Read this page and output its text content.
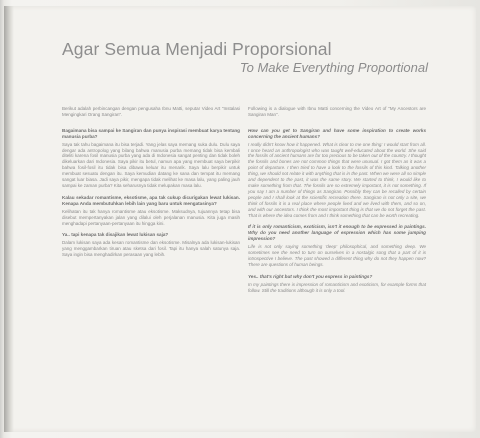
Agar Semua Menjadi Proporsional
To Make Everything Proportional

Berikut adalah perbincangan dengan pengusaha Ibnu Matti, seputar Video Art "Instalasi Mengingkari Orang Sangiran".

Bagaimana bisa sampai ke Sangiran dan punya inspirasi membuat karya tentang manusia purba?

Saya tak tahu bagaimana itu bisa terjadi. Yang jelas saya memang suka dulu. Dulu saya dengar ada antropolog yang bilang bahwa manusia purba memang tidak bisa kembali diteliti karena fosil manusia purba yang ada di Indonesia sangat penting dan tidak boleh dikeluarkan dari Indonesia. Saya pikir itu betul, namun apa yang membuat saya berpikir bahwa fosil-fosil itu tidak bisa dibawa keluar itu menarik. Saya lalu berpikir untuk membuat sesuatu dengan itu. Saya kemudian datang ke sana dan tempat itu memang sangat luar biasa. Jadi saya pikir, mengapa tidak melihat ke masa lalu, yang paling jauh sampai ke zaman purba? Kita seharusnya tidak melupakan masa lalu.

Kalau sekadar romantisme, eksotisme, apa tak cukup dicurigakan lewat lukisan. Kenapa Anda membutuhkan lebih lain yang baru untuk mengatasinya?

Kelihatan itu tak hanya romantisme atau eksotisme. Maksudnya, tujuannya tetap bisa disebut mempertanyakan jalan yang dilalui oleh perjalanan manusia. Kita juga masih menghadapi pertanyaan-pertanyaan itu hingga kini.

Ya.. tapi kenapa tak disajikan lewat lukisan saja?

Dalam lukisan saya ada kesan romantisme dan eksotisme. Misalnya ada lukisan-lukisan yang menggambarkan tiruan atau sketsa dari fosil. Tapi itu hanya salah satunya saja. Saya ingin bisa menghadirkan perasaan yang lebih.

Following is a dialogue with Ibnu Matti concerning the Video Art of "My Ancestors are Sangiran Man".

How can you get to Sangiran and have some inspiration to create works concerning the ancient humans?

I really didn't know how it happened. What is clear to me one thing: I would start from all. I once heard an anthropologist who was taught well-educated about the world. She said the fossils of ancient humans are far too precious to be taken out of the country. I thought the fossils and bones are not common things that were unusual. I got them as it was a point of departure. I then tried to have a look to the fossils of this kind. Talking another thing, we should not relate it with anything that is in the past. When we were all so simple and dependent to the past, it was the same story. We started to think, I would like to make something from that. The fossils are so extremely important, it is not something. If you say I am a number of things as Sangiran. Possibly they can be recalled by certain people and I shall look at the scientific recreation there. Sangiran is not only a site, we think of fossils it is a real place where people lived and we lived with them, and so on, and with our ancestors. I think the most important thing is that we do not forget the past. That is where the idea comes from and I think something that can be worth recreating.

If it is only romanticism, exoticism, isn't it enough to be expressed in paintings. Why do you need another language of expression which has some jumping impression?

Life is not only saying something 'deep' philosophical, and something deep. We sometimes see the need to turn on ourselves in a nostalgic song that a part of it is introspective I believe. The past showed a different thing why do not they happen now? There are questions of human beings.

Yes.. that's right but why don't you express in paintings?

In my paintings there is impression of romanticism and exoticism, for example forms that follow. Still the traditions although it is only a tool.
